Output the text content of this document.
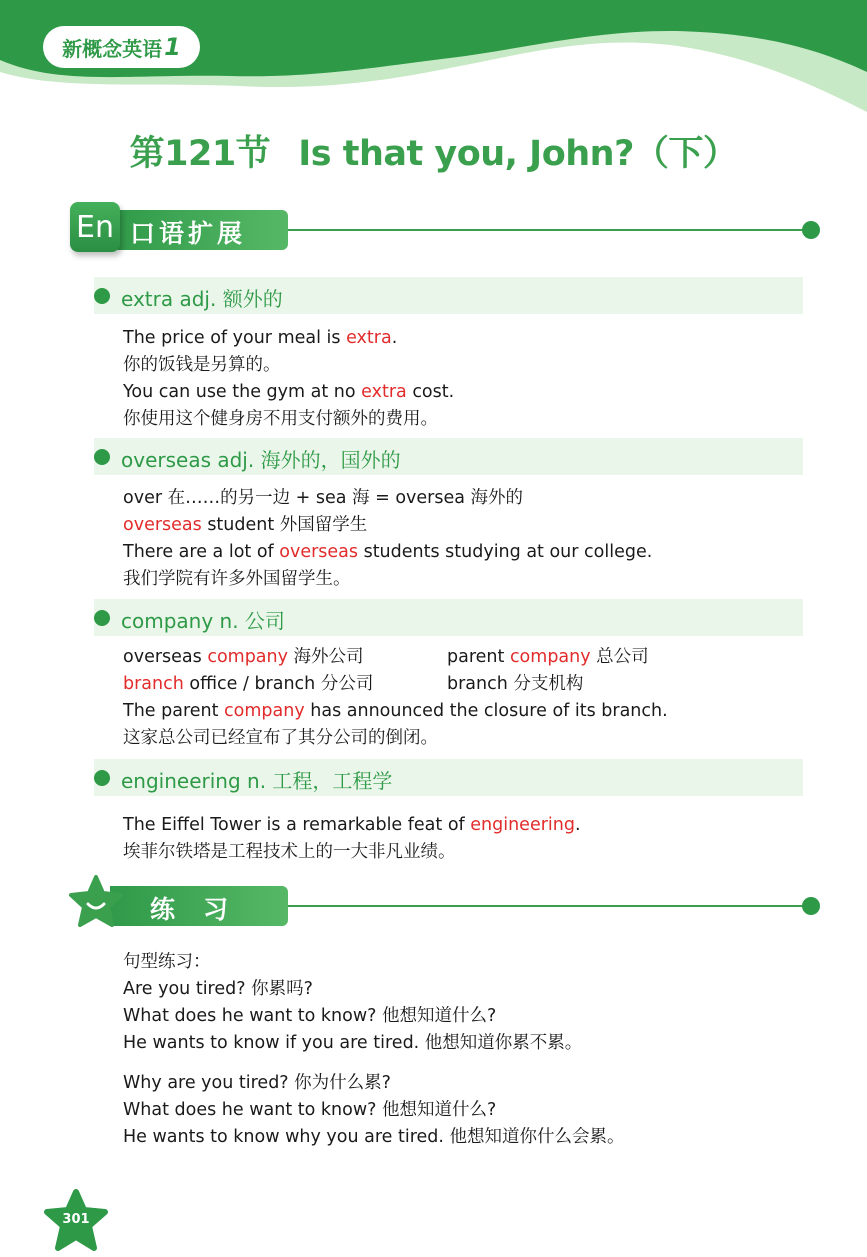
新概念英语 1
第121节 Is that you, John?（下）
En 口语扩展
extra adj. 额外的
The price of your meal is extra.
你的饭钱是另算的。
You can use the gym at no extra cost.
你使用这个健身房不用支付额外的费用。
overseas adj. 海外的，国外的
over 在……的另一边 + sea 海 = oversea 海外的
overseas student 外国留学生
There are a lot of overseas students studying at our college.
我们学院有许多外国留学生。
company n. 公司
overseas company 海外公司	parent company 总公司
branch office / branch 分公司	branch 分支机构
The parent company has announced the closure of its branch.
这家总公司已经宣布了其分公司的倒闭。
engineering n. 工程，工程学
The Eiffel Tower is a remarkable feat of engineering.
埃菲尔铁塔是工程技术上的一大非凡业绩。
练习
句型练习：
Are you tired? 你累吗?
What does he want to know? 他想知道什么?
He wants to know if you are tired. 他想知道你累不累。
Why are you tired? 你为什么累?
What does he want to know? 他想知道什么?
He wants to know why you are tired. 他想知道你什么会累。
301
